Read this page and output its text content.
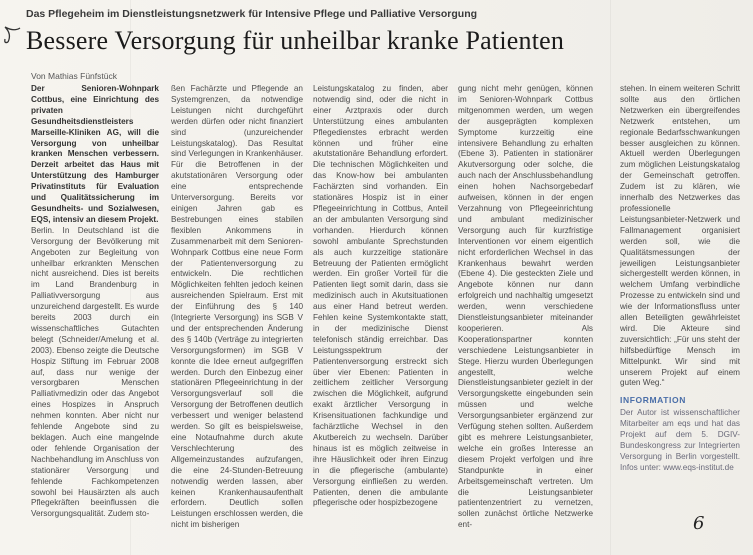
Das Pflegeheim im Dienstleistungsnetzwerk für Intensive Pflege und Palliative Versorgung
Bessere Versorgung für unheilbar kranke Patienten
Von Mathias Fünfstück

Der Senioren-Wohnpark Cottbus, eine Einrichtung des privaten Gesundheitsdienstleisters Marseille-Kliniken AG, will die Versorgung von unheilbar kranken Menschen verbessern. Derzeit arbeitet das Haus mit Unterstützung des Hamburger Privatinstituts für Evaluation und Qualitätssicherung im Gesundheits- und Sozialwesen, EQS, intensiv an diesem Projekt.

Berlin. In Deutschland ist die Versorgung der Bevölkerung mit Angeboten zur Begleitung von unheilbar erkrankten Menschen nicht ausreichend. Dies ist bereits im Land Brandenburg in Palliativversorgung aus unzureichend dargestellt. Es wurde bereits 2003 durch ein wissenschaftliches Gutachten belegt (Schneider/Amelung et al. 2003). Ebenso zeigte die Deutsche Hospiz Stiftung im Februar 2008 auf, dass nur wenige der versorgbaren Menschen Palliativmedizin oder das Angebot eines Hospizes in Anspruch nehmen konnten. Aber nicht nur fehlende Angebote sind zu beklagen. Auch eine mangelnde oder fehlende Organisation der Nachbehandlung im Anschluss von stationärer Versorgung und fehlende Fachkompetenzen sowohl bei Hausärzten als auch Pflegekräften beeinflussen die Versorgungsqualität. Zudem sto-

ßen Fachärzte und Pflegende an Systemgrenzen, da notwendige Leistungen nicht durchgeführt werden dürfen oder nicht finanziert sind (unzureichender Leistungskatalog). Das Resultat sind Verlegungen in Krankenhäuser. Für die Betroffenen in der akutstationären Versorgung oder eine entsprechende Unterversorgung. Bereits vor einigen Jahren gab es Bestrebungen eines stabilen flexiblen Ankommens in Zusammenarbeit mit dem Senioren-Wohnpark Cottbus eine neue Form der Patientenversorgung zu entwickeln. Die rechtlichen Möglichkeiten fehlten jedoch keinen ausreichenden Spielraum. Erst mit der Einführung des § 140 (Integrierte Versorgung) ins SGB V und der entsprechenden Änderung des § 140b (Verträge zu integrierten Versorgungsformen) im SGB V konnte die Idee erneut aufgegriffen werden. Durch den Einbezug einer stationären Pflegeeinrichtung in der Versorgungsverlauf soll die Versorgung der Betroffenen deutlich verbessert und weniger belastend werden. So gilt es beispielsweise, eine Notaufnahme durch akute Verschlechterung des Allgemeinzustandes aufzufangen, die eine 24-Stunden-Betreuung notwendig werden lassen, aber keinen Krankenhausaufenthalt erfordern. Deutlich sollen Leistungen erschlossen werden, die nicht im bisherigen

Leistungskatalog zu finden, aber notwendig sind, oder die nicht in einer Arztpraxis oder durch Unterstützung eines ambulanten Pflegedienstes erbracht werden können und früher eine akutstationäre Behandlung erfordert. Die technischen Möglichkeiten und das Know-how bei ambulanten Fachärzten sind vorhanden. Ein stationäres Hospiz ist in einer Pflegeeinrichtung in Cottbus, Anteil an der ambulanten Versorgung sind vorhanden. Hierdurch können sowohl ambulante Sprechstunden als auch kurzzeitige stationäre Betreuung der Patienten ermöglicht werden. Ein großer Vorteil für die Patienten liegt somit darin, dass sie medizinisch auch in Akutsituationen aus einer Hand betreut werden. Fehlen keine Systemkontakte statt, in der medizinische Dienst telefonisch ständig erreichbar. Das Leistungsspektrum der Patientenversorgung erstreckt sich über vier Ebenen: Patienten in zeitlichem zeitlicher Versorgung zwischen die Möglichkeit, aufgrund exakt ärztlicher Versorgung in Krisensituationen fachkundige und fachärztliche Wechsel in den Akutbereich zu wechseln. Darüber hinaus ist es möglich zeitweise in ihre Häuslichkeit oder ihren Einzug in die pflegerische (ambulante) Versorgung einfließen zu werden. Patienten, denen die ambulante pflegerische oder hospizbezogene

gung nicht mehr genügen, können im Senioren-Wohnpark Cottbus mitgenommen werden, um wegen der ausgeprägten komplexen Symptome kurzzeitig eine intensivere Behandlung zu erhalten (Ebene 3). Patienten in stationärer Akutversorgung oder solche, die auch nach der Anschlussbehandlung einen hohen Nachsorgebedarf aufweisen, können in der engen Verzahnung von Pflegeeinrichtung und ambulant medizinischer Versorgung auch für kurzfristige Interventionen vor einem eigentlich nicht erforderlichen Wechsel in das Krankenhaus bewahrt werden (Ebene 4). Die gesteckten Ziele und Angebote können nur dann erfolgreich und nachhaltig umgesetzt werden, wenn verschiedene Dienstleistungsanbieter miteinander kooperieren. Als Kooperationspartner konnten verschiedene Leistungsanbieter in Stege. Hierzu wurden Überlegungen angestellt, welche Dienstleistungsanbieter gezielt in der Versorgungskette eingebunden sein müssen und welche Versorgungsanbieter ergänzend zur Verfügung stehen sollten. Außerdem gibt es mehrere Leistungsanbieter, welche ein großes Interesse an diesem Projekt verfolgen und ihre Standpunkte in einer Arbeitsgemeinschaft vertreten. Um die Leistungsanbieter patientenzentriert zu vernetzen, sollen zunächst örtliche Netzwerke ent-

stehen. In einem weiteren Schritt sollte aus den örtlichen Netzwerken ein übergreifendes Netzwerk entstehen, um regionale Bedarfsschwankungen besser ausgleichen zu können. Aktuell werden Überlegungen zum möglichen Leistungskatalog der Gemeinschaft getroffen. Zudem ist zu klären, wie innerhalb des Netzwerkes das professionelle Leistungsanbieter-Netzwerk und Fallmanagement organisiert werden soll, wie die Qualitätsmessungen der jeweiligen Leistungsanbieter sichergestellt werden können, in welchem Umfang verbindliche Prozesse zu entwickeln sind und wie der Informationsfluss unter allen Beteiligten gewährleistet wird. Die Akteure sind zuversichtlich: „Für uns steht der hilfsbedürftige Mensch im Mittelpunkt. Wir sind mit unserem Projekt auf einem guten Weg.“

INFORMATION
Der Autor ist wissenschaftlicher Mitarbeiter am eqs und hat das Projekt auf dem 5. DGIV-Bundeskongress zur Integrierten Versorgung in Berlin vorgestellt. Infos unter: www.eqs-institut.de
6
